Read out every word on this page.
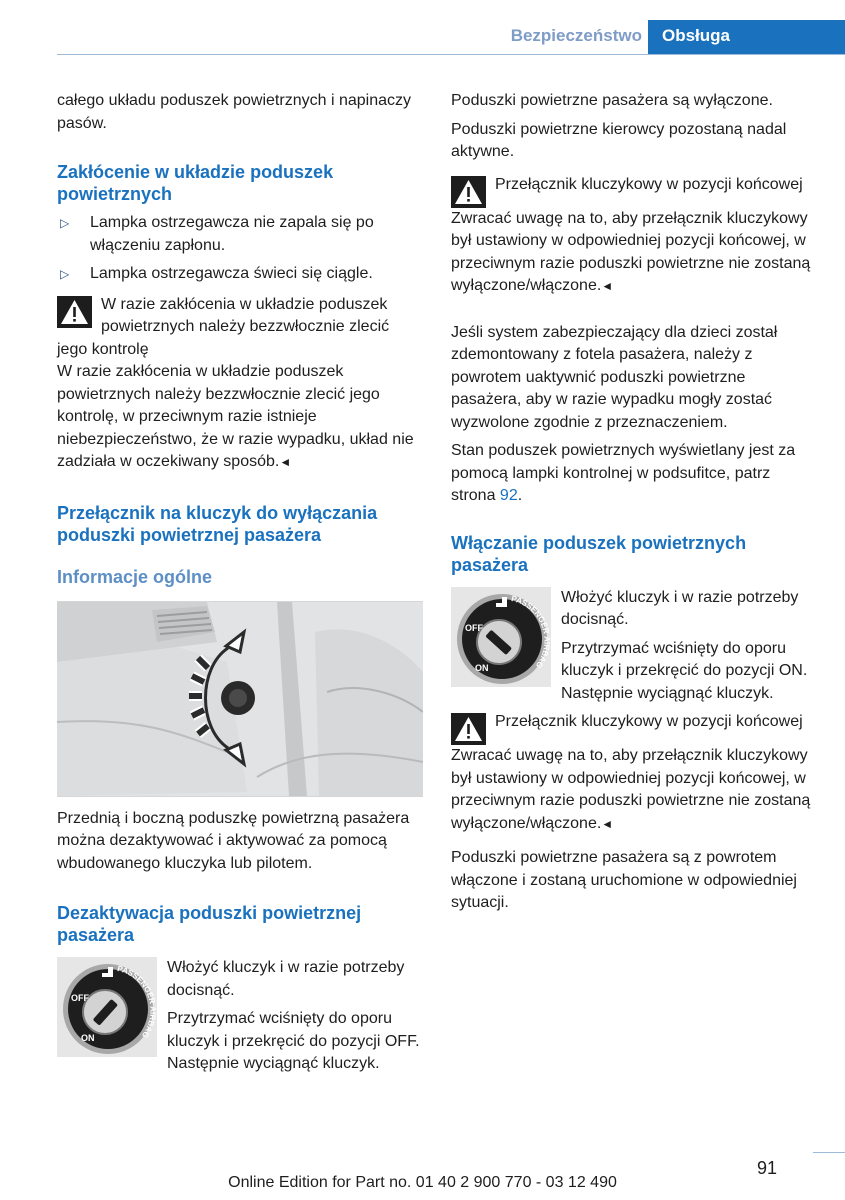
Bezpieczeństwo	Obsługa

całego układu poduszek powietrznych i napinaczy pasów.

Zakłócenie w układzie poduszek powietrznych
▷	Lampka ostrzegawcza nie zapala się po włączeniu zapłonu.
▷	Lampka ostrzegawcza świeci się ciągle.
W razie zakłócenia w układzie poduszek powietrznych należy bezzwłocznie zlecić jego kontrolę

W razie zakłócenia w układzie poduszek powietrznych należy bezzwłocznie zlecić jego kontrolę, w przeciwnym razie istnieje niebezpieczeństwo, że w razie wypadku, układ nie zadziała w oczekiwany sposób.◄

Przełącznik na kluczyk do wyłączania poduszki powietrznej pasażera
Informacje ogólne

Przednią i boczną poduszkę powietrzną pasażera można dezaktywować i aktywować za pomocą wbudowanego kluczyka lub pilotem.

Dezaktywacja poduszki powietrznej pasażera
OFF
ON
PASSENGER AIRBAG

Włożyć kluczyk i w razie potrzeby docisnąć.

Przytrzymać wciśnięty do oporu kluczyk i przekręcić do pozycji OFF. Następnie wyciągnąć kluczyk.

Poduszki powietrzne pasażera są wyłączone.

Poduszki powietrzne kierowcy pozostaną nadal aktywne.

Przełącznik kluczykowy w pozycji końcowej

Zwracać uwagę na to, aby przełącznik kluczykowy był ustawiony w odpowiedniej pozycji końcowej, w przeciwnym razie poduszki powietrzne nie zostaną wyłączone/włączone.◄

Jeśli system zabezpieczający dla dzieci został zdemontowany z fotela pasażera, należy z powrotem uaktywnić poduszki powietrzne pasażera, aby w razie wypadku mogły zostać wyzwolone zgodnie z przeznaczeniem.

Stan poduszek powietrznych wyświetlany jest za pomocą lampki kontrolnej w podsufitce, patrz strona 92.

Włączanie poduszek powietrznych pasażera
OFF
ON
PASSENGER AIRBAG

Włożyć kluczyk i w razie potrzeby docisnąć.

Przytrzymać wciśnięty do oporu kluczyk i przekręcić do pozycji ON. Następnie wyciągnąć kluczyk.

Przełącznik kluczykowy w pozycji końcowej

Zwracać uwagę na to, aby przełącznik kluczykowy był ustawiony w odpowiedniej pozycji końcowej, w przeciwnym razie poduszki powietrzne nie zostaną wyłączone/włączone.◄

Poduszki powietrzne pasażera są z powrotem włączone i zostaną uruchomione w odpowiedniej sytuacji.

91
Online Edition for Part no. 01 40 2 900 770 - 03 12 490
